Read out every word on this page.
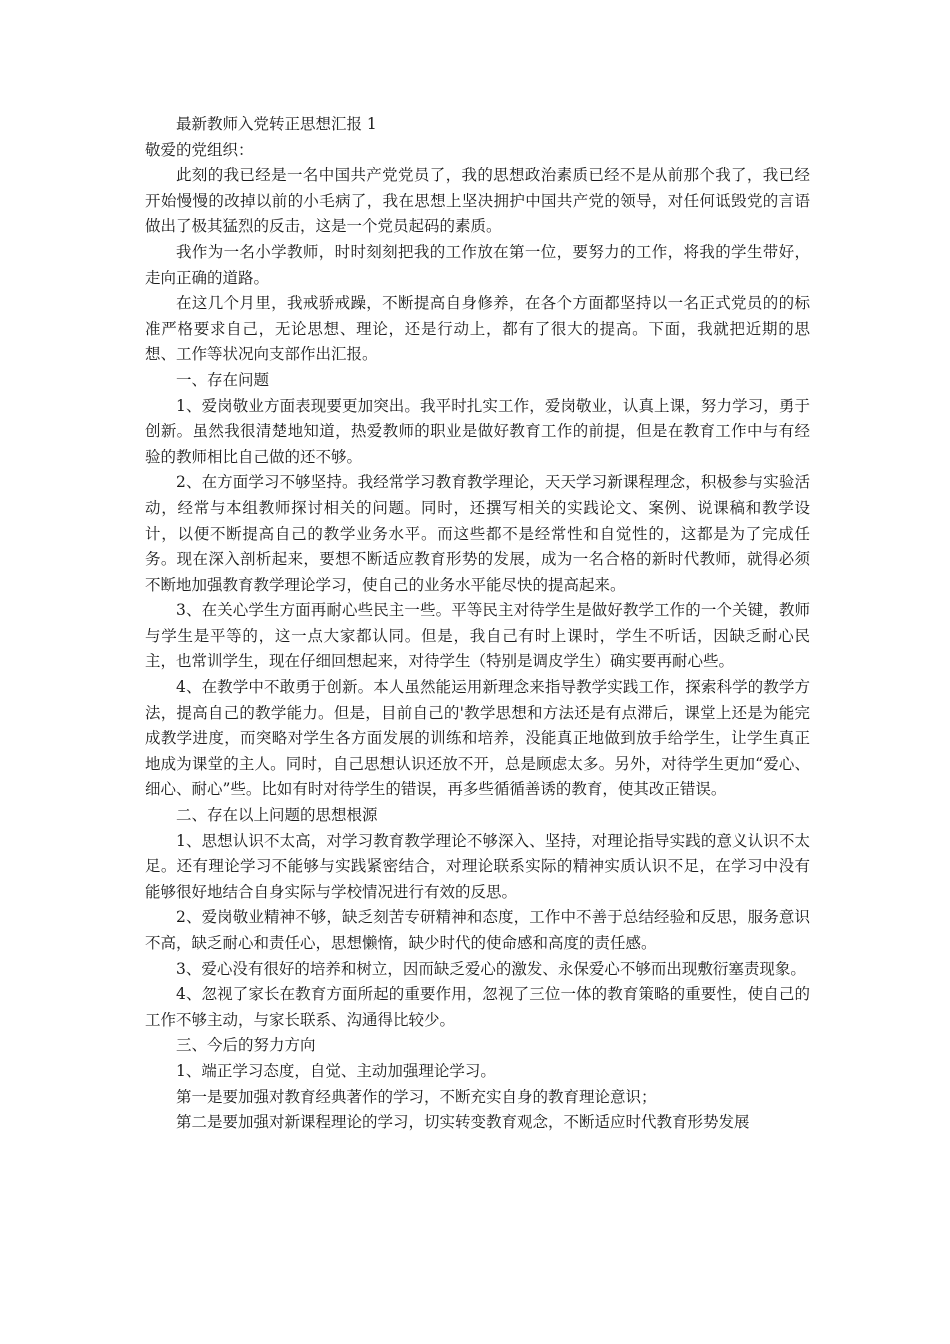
最新教师入党转正思想汇报 1

敬爱的党组织：

此刻的我已经是一名中国共产党党员了，我的思想政治素质已经不是从前那个我了，我已经开始慢慢的改掉以前的小毛病了，我在思想上坚决拥护中国共产党的领导，对任何诋毁党的言语做出了极其猛烈的反击，这是一个党员起码的素质。

我作为一名小学教师，时时刻刻把我的工作放在第一位，要努力的工作，将我的学生带好，走向正确的道路。

在这几个月里，我戒骄戒躁，不断提高自身修养，在各个方面都坚持以一名正式党员的的标准严格要求自己，无论思想、理论，还是行动上，都有了很大的提高。下面，我就把近期的思想、工作等状况向支部作出汇报。

一、存在问题

1、爱岗敬业方面表现要更加突出。我平时扎实工作，爱岗敬业，认真上课，努力学习，勇于创新。虽然我很清楚地知道，热爱教师的职业是做好教育工作的前提，但是在教育工作中与有经验的教师相比自己做的还不够。

2、在方面学习不够坚持。我经常学习教育教学理论，天天学习新课程理念，积极参与实验活动，经常与本组教师探讨相关的问题。同时，还撰写相关的实践论文、案例、说课稿和教学设计，以便不断提高自己的教学业务水平。而这些都不是经常性和自觉性的，这都是为了完成任务。现在深入剖析起来，要想不断适应教育形势的发展，成为一名合格的新时代教师，就得必须不断地加强教育教学理论学习，使自己的业务水平能尽快的提高起来。

3、在关心学生方面再耐心些民主一些。平等民主对待学生是做好教学工作的一个关键，教师与学生是平等的，这一点大家都认同。但是，我自己有时上课时，学生不听话，因缺乏耐心民主，也常训学生，现在仔细回想起来，对待学生（特别是调皮学生）确实要再耐心些。

4、在教学中不敢勇于创新。本人虽然能运用新理念来指导教学实践工作，探索科学的教学方法，提高自己的教学能力。但是，目前自己的'教学思想和方法还是有点滞后，课堂上还是为能完成教学进度，而突略对学生各方面发展的训练和培养，没能真正地做到放手给学生，让学生真正地成为课堂的主人。同时，自己思想认识还放不开，总是顾虑太多。另外，对待学生更加“爱心、细心、耐心”些。比如有时对待学生的错误，再多些循循善诱的教育，使其改正错误。

二、存在以上问题的思想根源

1、思想认识不太高，对学习教育教学理论不够深入、坚持，对理论指导实践的意义认识不太足。还有理论学习不能够与实践紧密结合，对理论联系实际的精神实质认识不足，在学习中没有能够很好地结合自身实际与学校情况进行有效的反思。

2、爱岗敬业精神不够，缺乏刻苦专研精神和态度，工作中不善于总结经验和反思，服务意识不高，缺乏耐心和责任心，思想懒惰，缺少时代的使命感和高度的责任感。

3、爱心没有很好的培养和树立，因而缺乏爱心的激发、永保爱心不够而出现敷衍塞责现象。

4、忽视了家长在教育方面所起的重要作用，忽视了三位一体的教育策略的重要性，使自己的工作不够主动，与家长联系、沟通得比较少。

三、今后的努力方向

1、端正学习态度，自觉、主动加强理论学习。

第一是要加强对教育经典著作的学习，不断充实自身的教育理论意识；

第二是要加强对新课程理论的学习，切实转变教育观念，不断适应时代教育形势发展
